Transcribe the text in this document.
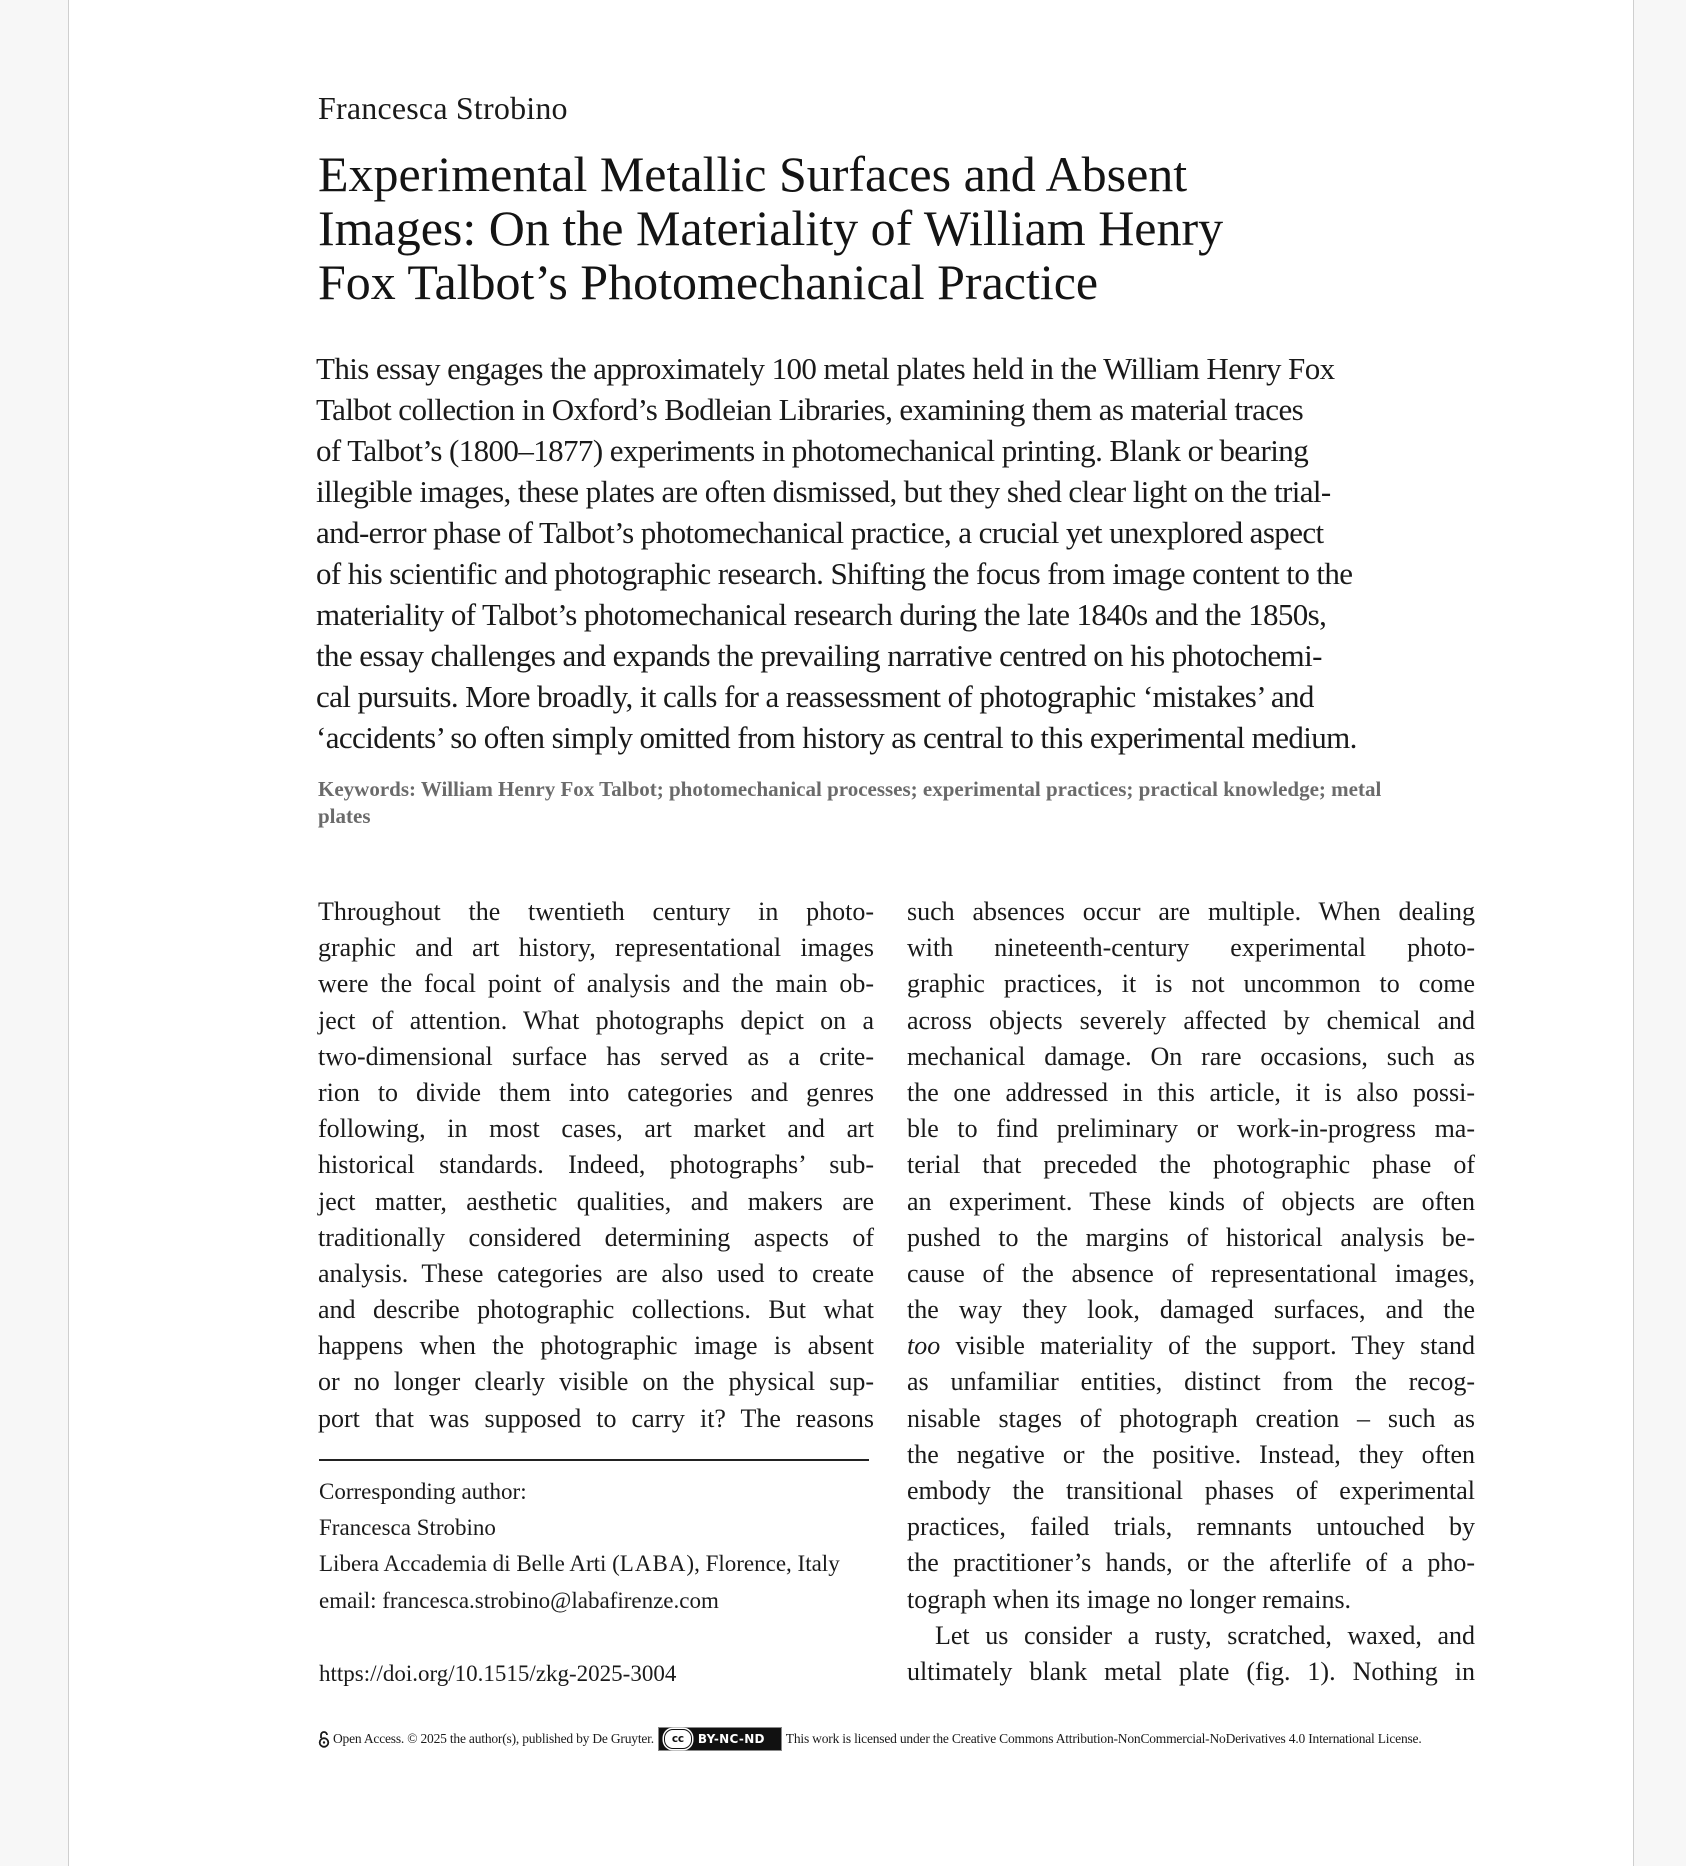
Francesca Strobino
Experimental Metallic Surfaces and Absent
Images: On the Materiality of William Henry
Fox Talbot’s Photomechanical Practice
This essay engages the approximately 100 metal plates held in the William Henry Fox
Talbot collection in Oxford’s Bodleian Libraries, examining them as material traces
of Talbot’s (1800–1877) experiments in photomechanical printing. Blank or bearing
illegible images, these plates are often dismissed, but they shed clear light on the trial-
and-error phase of Talbot’s photomechanical practice, a crucial yet unexplored aspect
of his scientific and photographic research. Shifting the focus from image content to the
materiality of Talbot’s photomechanical research during the late 1840s and the 1850s,
the essay challenges and expands the prevailing narrative centred on his photochemi-
cal pursuits. More broadly, it calls for a reassessment of photographic ‘mistakes’ and
‘accidents’ so often simply omitted from history as central to this experimental medium.
Keywords: William Henry Fox Talbot; photomechanical processes; experimental practices; practical knowledge; metal
plates
Throughout the twentieth century in photo-
graphic and art history, representational images
were the focal point of analysis and the main ob-
ject of attention. What photographs depict on a
two-dimensional surface has served as a crite-
rion to divide them into categories and genres
following, in most cases, art market and art
historical standards. Indeed, photographs’ sub-
ject matter, aesthetic qualities, and makers are
traditionally considered determining aspects of
analysis. These categories are also used to create
and describe photographic collections. But what
happens when the photographic image is absent
or no longer clearly visible on the physical sup-
port that was supposed to carry it? The reasons
Corresponding author:
Francesca Strobino
Libera Accademia di Belle Arti (LABA), Florence, Italy
email: francesca.strobino@labafirenze.com
https://doi.org/10.1515/zkg-2025-3004
such absences occur are multiple. When dealing
with nineteenth-century experimental photo-
graphic practices, it is not uncommon to come
across objects severely affected by chemical and
mechanical damage. On rare occasions, such as
the one addressed in this article, it is also possi-
ble to find preliminary or work-in-progress ma-
terial that preceded the photographic phase of
an experiment. These kinds of objects are often
pushed to the margins of historical analysis be-
cause of the absence of representational images,
the way they look, damaged surfaces, and the
too visible materiality of the support. They stand
as unfamiliar entities, distinct from the recog-
nisable stages of photograph creation – such as
the negative or the positive. Instead, they often
embody the transitional phases of experimental
practices, failed trials, remnants untouched by
the practitioner’s hands, or the afterlife of a pho-
tograph when its image no longer remains.
Let us consider a rusty, scratched, waxed, and
ultimately blank metal plate (fig. 1). Nothing in
Open Access. © 2025 the author(s), published by De Gruyter.	cc	BY-NC-ND	This work is licensed under the Creative Commons Attribution-NonCommercial-NoDerivatives 4.0 International License.
